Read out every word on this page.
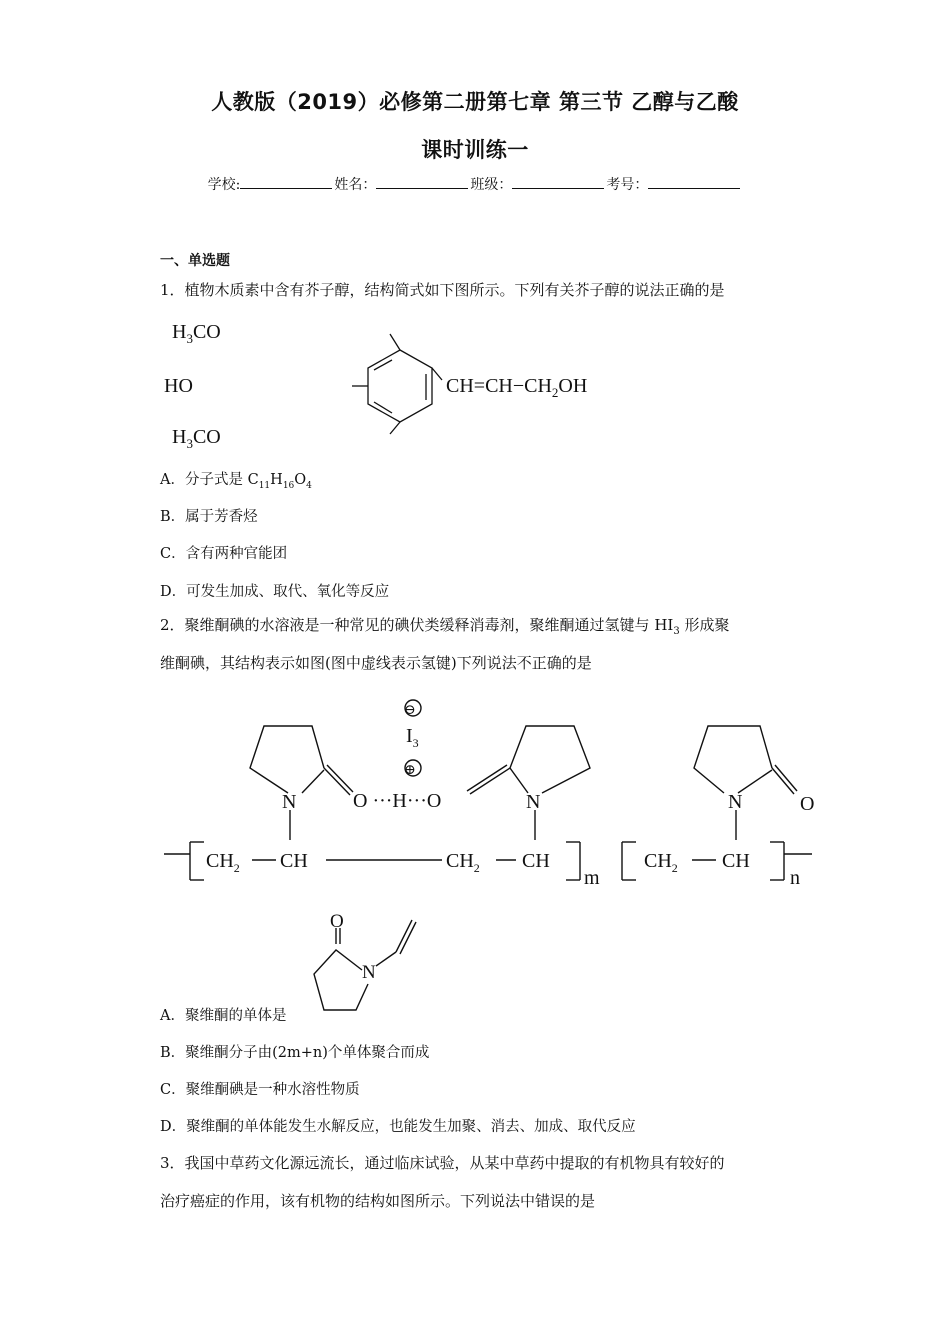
人教版（2019）必修第二册第七章 第三节 乙醇与乙酸
课时训练一
学校:	姓名：	班级：	考号：
一、单选题
1．植物木质素中含有芥子醇，结构简式如下图所示。下列有关芥子醇的说法正确的是
$H_3CO$
HO
$H_3CO$
$CH=CH-CH_2OH$
A．分子式是 $C_{11}H_{16}O_4$
B．属于芳香烃
C．含有两种官能团
D．可发生加成、取代、氧化等反应
2．聚维酮碘的水溶液是一种常见的碘伏类缓释消毒剂，聚维酮通过氢键与 $HI_3$ 形成聚
维酮碘，其结构表示如图(图中虚线表示氢键)下列说法不正确的是
⊖
$I_3$
⊕
N	O ···H···O	N	N	O
$CH_2$ CH	$CH_2$ CH	$CH_2$ CH
m	n
A．聚维酮的单体是
O
N
B．聚维酮分子由(2m+n)个单体聚合而成
C．聚维酮碘是一种水溶性物质
D．聚维酮的单体能发生水解反应，也能发生加聚、消去、加成、取代反应
3．我国中草药文化源远流长，通过临床试验，从某中草药中提取的有机物具有较好的
治疗癌症的作用，该有机物的结构如图所示。下列说法中错误的是
